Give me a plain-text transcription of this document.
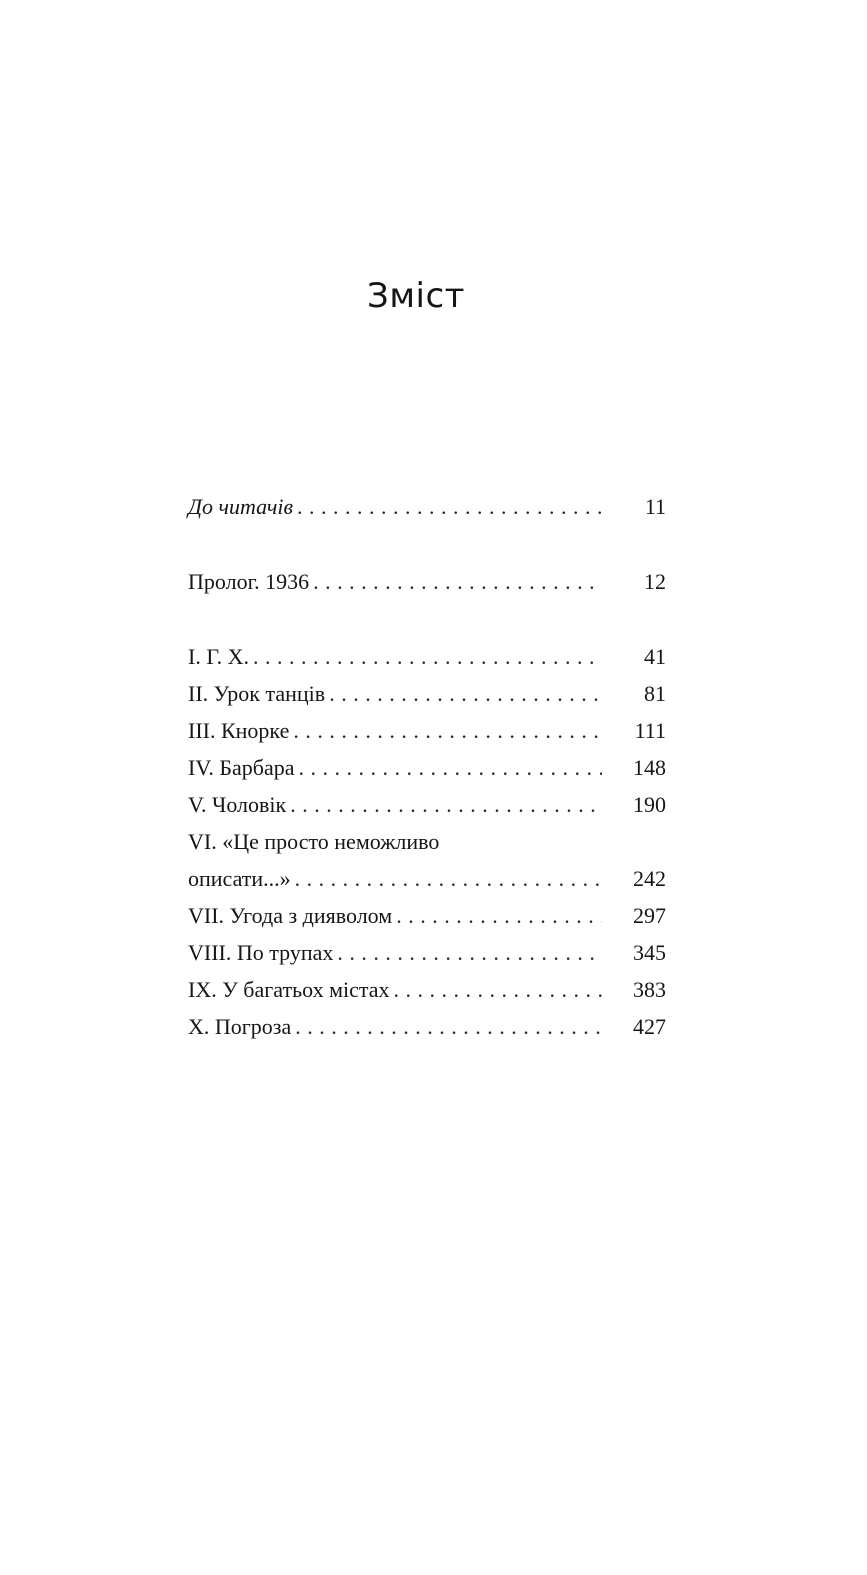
Зміст
До читачів . . .	11
Пролог. 1936 . . .	12
I. Г. Х. . . .	41
II. Урок танців . . .	81
III. Кнорке . . .	111
IV. Барбара . . .	148
V. Чоловік . . .	190
VI. «Це просто неможливо
описати...» . . .	242
VII. Угода з дияволом . . .	297
VIII. По трупах . . .	345
IX. У багатьох містах . . .	383
X. Погроза . . .	427
